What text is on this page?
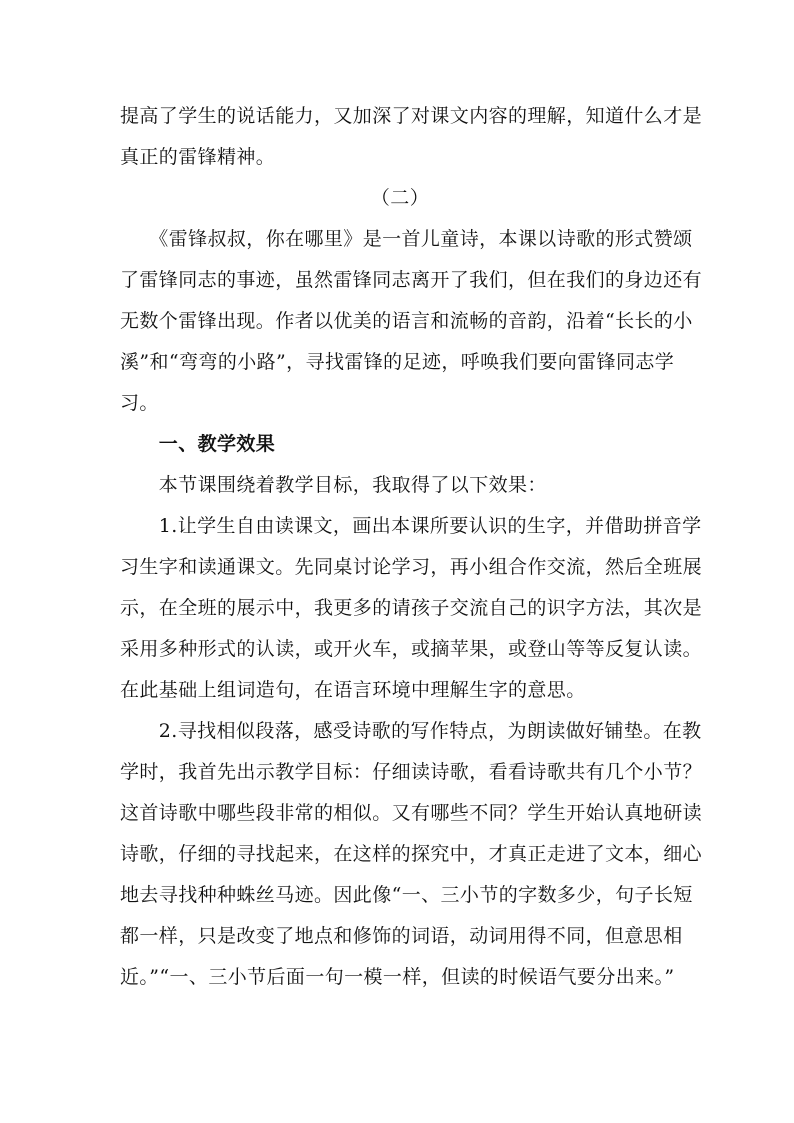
提高了学生的说话能力，又加深了对课文内容的理解，知道什么才是
真正的雷锋精神。
（二）
　　《雷锋叔叔，你在哪里》是一首儿童诗，本课以诗歌的形式赞颂
了雷锋同志的事迹，虽然雷锋同志离开了我们，但在我们的身边还有
无数个雷锋出现。作者以优美的语言和流畅的音韵，沿着“长长的小
溪”和“弯弯的小路”，寻找雷锋的足迹，呼唤我们要向雷锋同志学
习。
　　一、教学效果
　　本节课围绕着教学目标，我取得了以下效果：
　　1.让学生自由读课文，画出本课所要认识的生字，并借助拼音学
习生字和读通课文。先同桌讨论学习，再小组合作交流，然后全班展
示，在全班的展示中，我更多的请孩子交流自己的识字方法，其次是
采用多种形式的认读，或开火车，或摘苹果，或登山等等反复认读。
在此基础上组词造句，在语言环境中理解生字的意思。
　　2.寻找相似段落，感受诗歌的写作特点，为朗读做好铺垫。在教
学时，我首先出示教学目标：仔细读诗歌，看看诗歌共有几个小节？
这首诗歌中哪些段非常的相似。又有哪些不同？学生开始认真地研读
诗歌，仔细的寻找起来，在这样的探究中，才真正走进了文本，细心
地去寻找种种蛛丝马迹。因此像“一、三小节的字数多少，句子长短
都一样，只是改变了地点和修饰的词语，动词用得不同，但意思相
近。”“一、三小节后面一句一模一样，但读的时候语气要分出来。”
